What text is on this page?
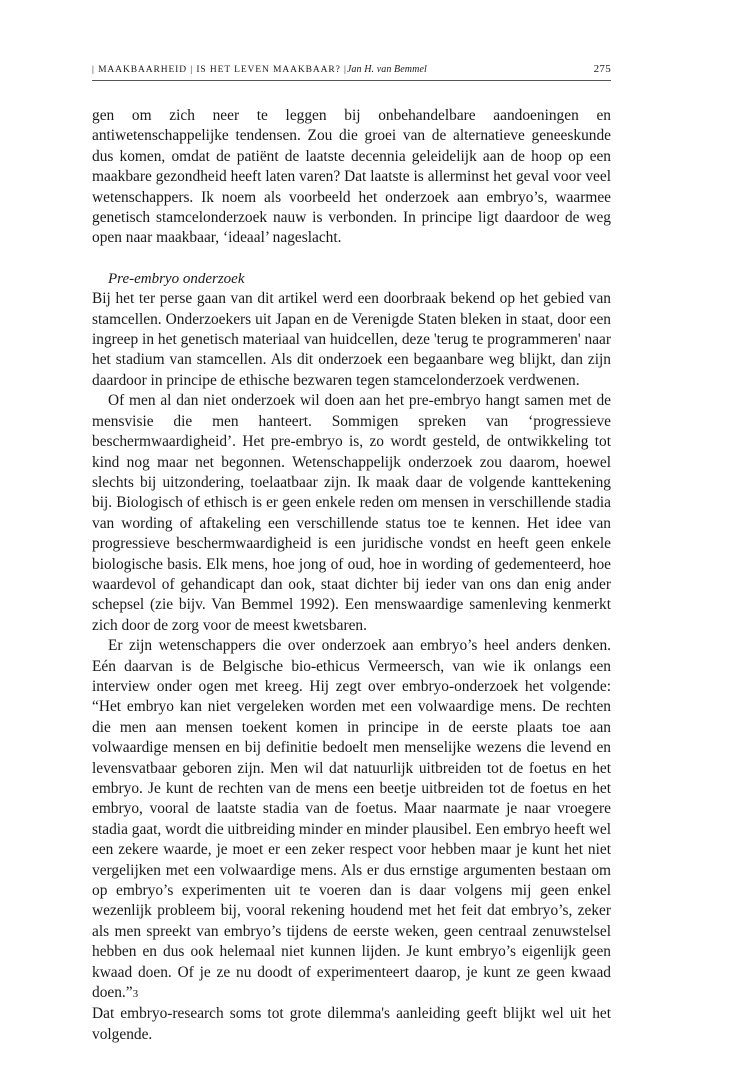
| MAAKBAARHEID | IS HET LEVEN MAAKBAAR? |Jan H. van Bemmel	275

gen om zich neer te leggen bij onbehandelbare aandoeningen en antiwetenschappelijke tendensen. Zou die groei van de alternatieve geneeskunde dus komen, omdat de patiënt de laatste decennia geleidelijk aan de hoop op een maakbare gezondheid heeft laten varen? Dat laatste is allerminst het geval voor veel wetenschappers. Ik noem als voorbeeld het onderzoek aan embryo’s, waarmee genetisch stamcelonderzoek nauw is verbonden. In principe ligt daardoor de weg open naar maakbaar, ‘ideaal’ nageslacht.

Pre-embryo onderzoek

Bij het ter perse gaan van dit artikel werd een doorbraak bekend op het gebied van stamcellen. Onderzoekers uit Japan en de Verenigde Staten bleken in staat, door een ingreep in het genetisch materiaal van huidcellen, deze 'terug te programmeren' naar het stadium van stamcellen. Als dit onderzoek een begaanbare weg blijkt, dan zijn daardoor in principe de ethische bezwaren tegen stamcelonderzoek verdwenen.

Of men al dan niet onderzoek wil doen aan het pre-embryo hangt samen met de mensvisie die men hanteert. Sommigen spreken van ‘progressieve beschermwaardigheid’. Het pre-embryo is, zo wordt gesteld, de ontwikkeling tot kind nog maar net begonnen. Wetenschappelijk onderzoek zou daarom, hoewel slechts bij uitzondering, toelaatbaar zijn. Ik maak daar de volgende kanttekening bij. Biologisch of ethisch is er geen enkele reden om mensen in verschillende stadia van wording of aftakeling een verschillende status toe te kennen. Het idee van progressieve beschermwaardigheid is een juridische vondst en heeft geen enkele biologische basis. Elk mens, hoe jong of oud, hoe in wording of gedementeerd, hoe waardevol of gehandicapt dan ook, staat dichter bij ieder van ons dan enig ander schepsel (zie bijv. Van Bemmel 1992). Een menswaardige samenleving kenmerkt zich door de zorg voor de meest kwetsbaren.

Er zijn wetenschappers die over onderzoek aan embryo’s heel anders denken. Eén daarvan is de Belgische bio-ethicus Vermeersch, van wie ik onlangs een interview onder ogen met kreeg. Hij zegt over embryo-onderzoek het volgende: “Het embryo kan niet vergeleken worden met een volwaardige mens. De rechten die men aan mensen toekent komen in principe in de eerste plaats toe aan volwaardige mensen en bij definitie bedoelt men menselijke wezens die levend en levensvatbaar geboren zijn. Men wil dat natuurlijk uitbreiden tot de foetus en het embryo. Je kunt de rechten van de mens een beetje uitbreiden tot de foetus en het embryo, vooral de laatste stadia van de foetus. Maar naarmate je naar vroegere stadia gaat, wordt die uitbreiding minder en minder plausibel. Een embryo heeft wel een zekere waarde, je moet er een zeker respect voor hebben maar je kunt het niet vergelijken met een volwaardige mens. Als er dus ernstige argumenten bestaan om op embryo’s experimenten uit te voeren dan is daar volgens mij geen enkel wezenlijk probleem bij, vooral rekening houdend met het feit dat embryo’s, zeker als men spreekt van embryo’s tijdens de eerste weken, geen centraal zenuwstelsel hebben en dus ook helemaal niet kunnen lijden. Je kunt embryo’s eigenlijk geen kwaad doen. Of je ze nu doodt of experimenteert daarop, je kunt ze geen kwaad doen.”3

Dat embryo-research soms tot grote dilemma's aanleiding geeft blijkt wel uit het volgende.
